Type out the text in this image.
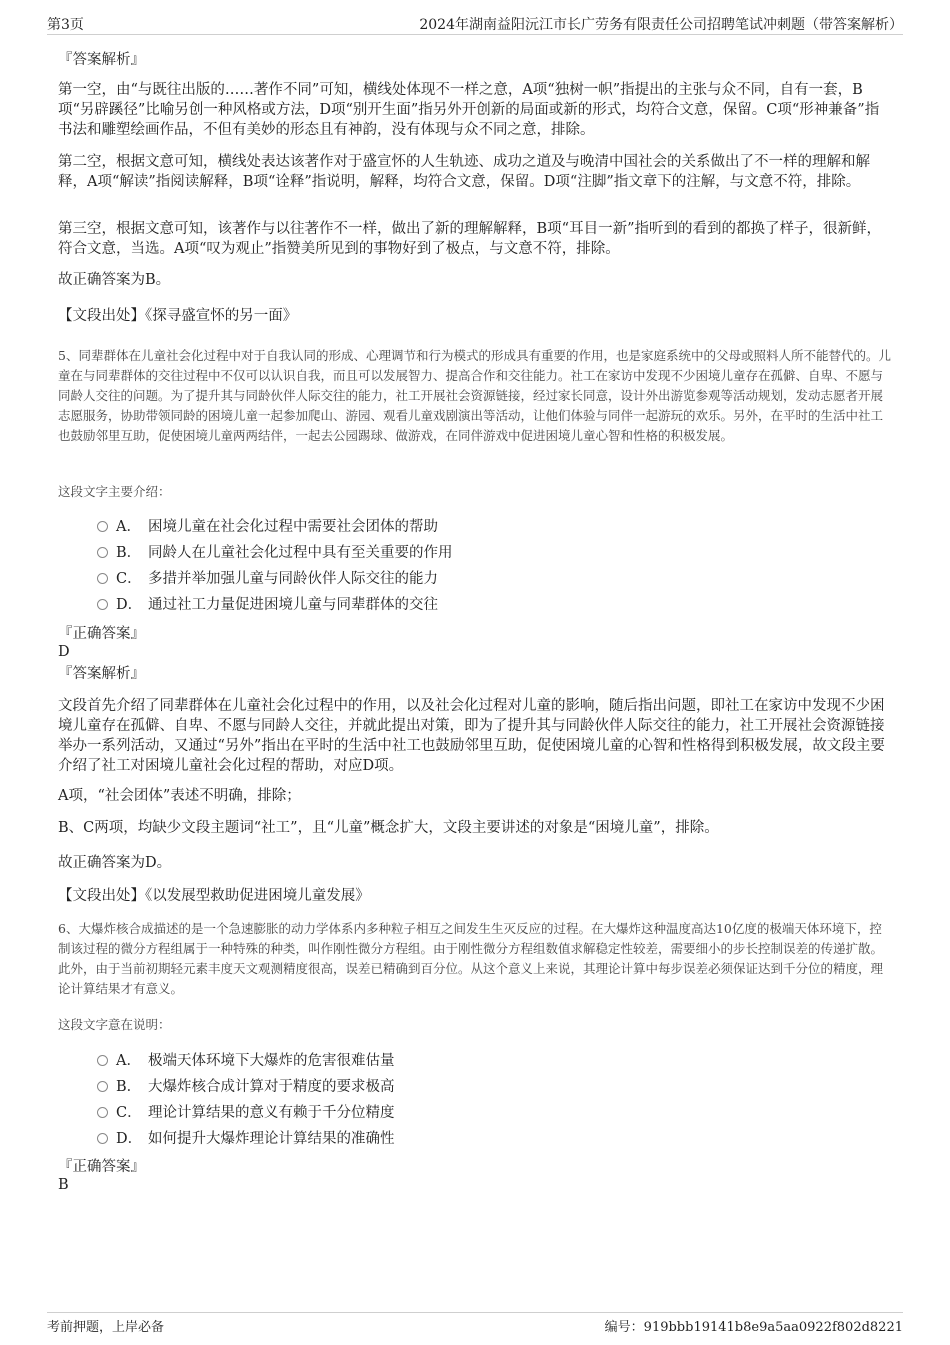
第3页	2024年湖南益阳沅江市长广劳务有限责任公司招聘笔试冲刺题（带答案解析）

『答案解析』

第一空，由“与既往出版的……著作不同”可知，横线处体现不一样之意，A项“独树一帜”指提出的主张与众不同，自有一套，B项“另辟蹊径”比喻另创一种风格或方法，D项“别开生面”指另外开创新的局面或新的形式，均符合文意，保留。C项“形神兼备”指书法和雕塑绘画作品，不但有美妙的形态且有神韵，没有体现与众不同之意，排除。

第二空，根据文意可知，横线处表达该著作对于盛宣怀的人生轨迹、成功之道及与晚清中国社会的关系做出了不一样的理解和解释，A项“解读”指阅读解释，B项“诠释”指说明，解释，均符合文意，保留。D项“注脚”指文章下的注解，与文意不符，排除。

第三空，根据文意可知，该著作与以往著作不一样，做出了新的理解解释，B项“耳目一新”指听到的看到的都换了样子，很新鲜，符合文意，当选。A项“叹为观止”指赞美所见到的事物好到了极点，与文意不符，排除。

故正确答案为B。

【文段出处】《探寻盛宣怀的另一面》

5、同辈群体在儿童社会化过程中对于自我认同的形成、心理调节和行为模式的形成具有重要的作用，也是家庭系统中的父母或照料人所不能替代的。儿童在与同辈群体的交往过程中不仅可以认识自我，而且可以发展智力、提高合作和交往能力。社工在家访中发现不少困境儿童存在孤僻、自卑、不愿与同龄人交往的问题。为了提升其与同龄伙伴人际交往的能力，社工开展社会资源链接，经过家长同意，设计外出游览参观等活动规划，发动志愿者开展志愿服务，协助带领同龄的困境儿童一起参加爬山、游园、观看儿童戏剧演出等活动，让他们体验与同伴一起游玩的欢乐。另外，在平时的生活中社工也鼓励邻里互助，促使困境儿童两两结伴，一起去公园踢球、做游戏，在同伴游戏中促进困境儿童心智和性格的积极发展。

这段文字主要介绍：

A． 困境儿童在社会化过程中需要社会团体的帮助
B． 同龄人在儿童社会化过程中具有至关重要的作用
C． 多措并举加强儿童与同龄伙伴人际交往的能力
D． 通过社工力量促进困境儿童与同辈群体的交往

『正确答案』

D

『答案解析』

文段首先介绍了同辈群体在儿童社会化过程中的作用，以及社会化过程对儿童的影响，随后指出问题，即社工在家访中发现不少困境儿童存在孤僻、自卑、不愿与同龄人交往，并就此提出对策，即为了提升其与同龄伙伴人际交往的能力，社工开展社会资源链接举办一系列活动，又通过“另外”指出在平时的生活中社工也鼓励邻里互助，促使困境儿童的心智和性格得到积极发展，故文段主要介绍了社工对困境儿童社会化过程的帮助，对应D项。

A项，“社会团体”表述不明确，排除；

B、C两项，均缺少文段主题词“社工”，且“儿童”概念扩大，文段主要讲述的对象是“困境儿童”，排除。

故正确答案为D。

【文段出处】《以发展型救助促进困境儿童发展》

6、大爆炸核合成描述的是一个急速膨胀的动力学体系内多种粒子相互之间发生生灭反应的过程。在大爆炸这种温度高达10亿度的极端天体环境下，控制该过程的微分方程组属于一种特殊的种类，叫作刚性微分方程组。由于刚性微分方程组数值求解稳定性较差，需要细小的步长控制误差的传递扩散。此外，由于当前初期轻元素丰度天文观测精度很高，误差已精确到百分位。从这个意义上来说，其理论计算中每步误差必须保证达到千分位的精度，理论计算结果才有意义。

这段文字意在说明：

A． 极端天体环境下大爆炸的危害很难估量
B． 大爆炸核合成计算对于精度的要求极高
C． 理论计算结果的意义有赖于千分位精度
D． 如何提升大爆炸理论计算结果的准确性

『正确答案』

B

考前押题，上岸必备	编号：919bbb19141b8e9a5aa0922f802d8221
